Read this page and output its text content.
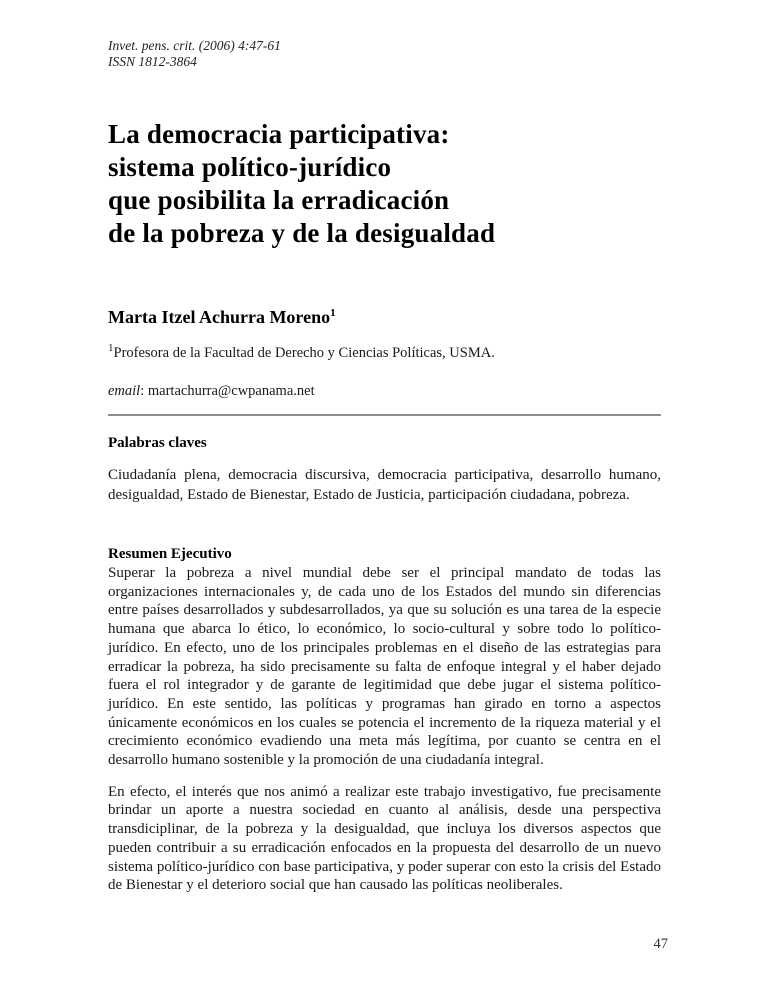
Invet. pens. crit. (2006) 4:47-61
ISSN 1812-3864
La democracia participativa:
sistema político-jurídico
que posibilita la erradicación
de la pobreza y de la desigualdad
Marta Itzel Achurra Moreno$^1$
$^1$Profesora de la Facultad de Derecho y Ciencias Políticas, USMA.
email: martachurra@cwpanama.net
Palabras claves

Ciudadanía plena, democracia discursiva, democracia participativa, desarrollo humano, desigualdad, Estado de Bienestar, Estado de Justicia, participación ciudadana, pobreza.

Resumen Ejecutivo

Superar la pobreza a nivel mundial debe ser el principal mandato de todas las organizaciones internacionales y, de cada uno de los Estados del mundo sin diferencias entre países desarrollados y subdesarrollados, ya que su solución es una tarea de la especie humana que abarca lo ético, lo económico, lo socio-cultural y sobre todo lo político-jurídico. En efecto, uno de los principales problemas en el diseño de las estrategias para erradicar la pobreza, ha sido precisamente su falta de enfoque integral y el haber dejado fuera el rol integrador y de garante de legitimidad que debe jugar el sistema político-jurídico. En este sentido, las políticas y programas han girado en torno a aspectos únicamente económicos en los cuales se potencia el incremento de la riqueza material y el crecimiento económico evadiendo una meta más legítima, por cuanto se centra en el desarrollo humano sostenible y la promoción de una ciudadanía integral.

En efecto, el interés que nos animó a realizar este trabajo investigativo, fue precisamente brindar un aporte a nuestra sociedad en cuanto al análisis, desde una perspectiva transdiciplinar, de la pobreza y la desigualdad, que incluya los diversos aspectos que pueden contribuir a su erradicación enfocados en la propuesta del desarrollo de un nuevo sistema político-jurídico con base participativa, y poder superar con esto la crisis del Estado de Bienestar y el deterioro social que han causado las políticas neoliberales.

47
